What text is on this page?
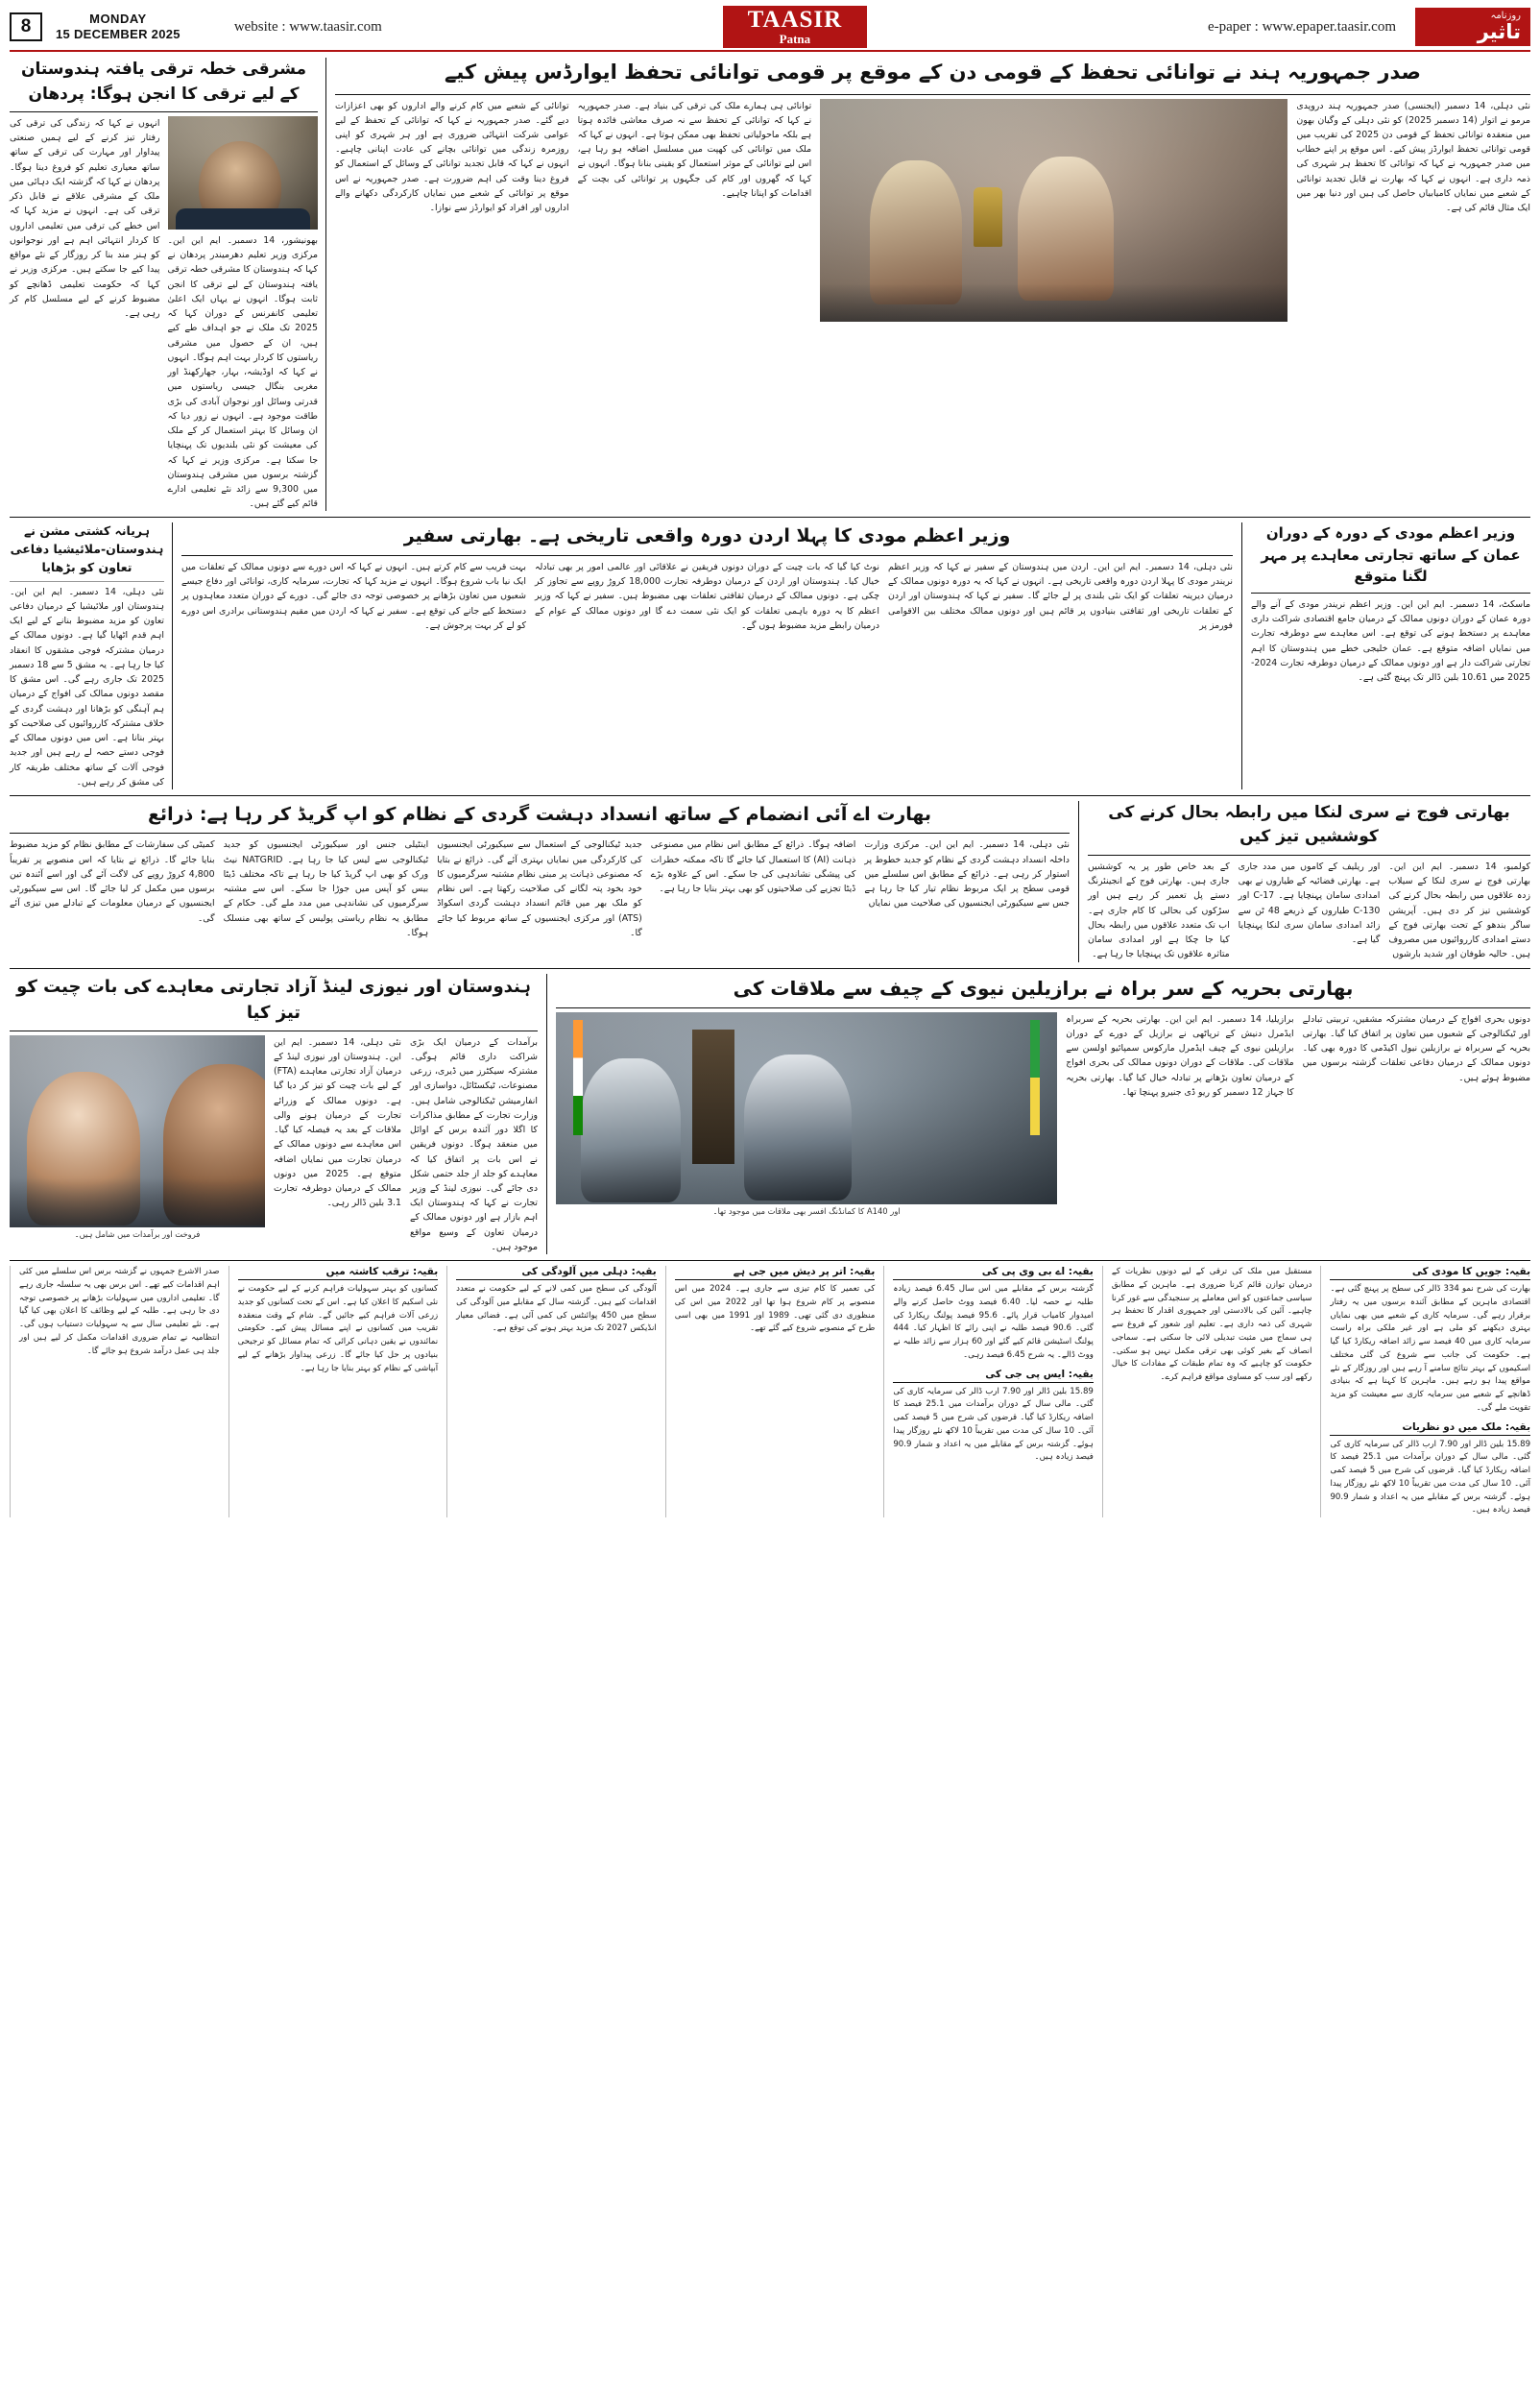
8	MONDAY
15 DECEMBER 2025	website : www.taasir.com	TAASIR
Patna
e-paper : www.epaper.taasir.com
روزنامہ
تاثیر
مشرقی خطہ ترقی یافتہ ہندوستان کے لیے ترقی کا انجن ہوگا: پردھان
انہوں نے کہا کہ زندگی کی ترقی کی رفتار تیز کرنے کے لیے ہمیں صنعتی پیداوار اور مہارت کی ترقی کے ساتھ ساتھ معیاری تعلیم کو فروغ دینا ہوگا۔ پردھان نے کہا کہ گزشتہ ایک دہائی میں ملک کے مشرقی علاقے نے قابل ذکر ترقی کی ہے۔ انہوں نے مزید کہا کہ اس خطے کی ترقی میں تعلیمی اداروں کا کردار انتہائی اہم ہے اور نوجوانوں کو ہنر مند بنا کر روزگار کے نئے مواقع پیدا کیے جا سکتے ہیں۔ مرکزی وزیر نے کہا کہ حکومت تعلیمی ڈھانچے کو مضبوط کرنے کے لیے مسلسل کام کر رہی ہے۔
بھونیشور، 14 دسمبر۔ ایم این این۔ مرکزی وزیر تعلیم دھرمیندر پردھان نے کہا کہ ہندوستان کا مشرقی خطہ ترقی یافتہ ہندوستان کے لیے ترقی کا انجن ثابت ہوگا۔ انہوں نے یہاں ایک اعلیٰ تعلیمی کانفرنس کے دوران کہا کہ 2025 تک ملک نے جو اہداف طے کیے ہیں، ان کے حصول میں مشرقی ریاستوں کا کردار بہت اہم ہوگا۔ انہوں نے کہا کہ اوڈیشہ، بہار، جھارکھنڈ اور مغربی بنگال جیسی ریاستوں میں قدرتی وسائل اور نوجوان آبادی کی بڑی طاقت موجود ہے۔ انہوں نے زور دیا کہ ان وسائل کا بہتر استعمال کر کے ملک کی معیشت کو نئی بلندیوں تک پہنچایا جا سکتا ہے۔ مرکزی وزیر نے کہا کہ گزشتہ برسوں میں مشرقی ہندوستان میں 9,300 سے زائد نئے تعلیمی ادارے قائم کیے گئے ہیں۔
صدر جمہوریہ ہند نے توانائی تحفظ کے قومی دن کے موقع پر قومی توانائی تحفظ ایوارڈس پیش کیے
توانائی کے شعبے میں کام کرنے والے اداروں کو بھی اعزازات دیے گئے۔ صدر جمہوریہ نے کہا کہ توانائی کے تحفظ کے لیے عوامی شرکت انتہائی ضروری ہے اور ہر شہری کو اپنی روزمرہ زندگی میں توانائی بچانے کی عادت اپنانی چاہیے۔ انہوں نے کہا کہ قابل تجدید توانائی کے وسائل کے استعمال کو فروغ دینا وقت کی اہم ضرورت ہے۔ صدر جمہوریہ نے اس موقع پر توانائی کے شعبے میں نمایاں کارکردگی دکھانے والے اداروں اور افراد کو ایوارڈز سے نوازا۔
توانائی ہی ہمارے ملک کی ترقی کی بنیاد ہے۔ صدر جمہوریہ نے کہا کہ توانائی کے تحفظ سے نہ صرف معاشی فائدہ ہوتا ہے بلکہ ماحولیاتی تحفظ بھی ممکن ہوتا ہے۔ انہوں نے کہا کہ ملک میں توانائی کی کھپت میں مسلسل اضافہ ہو رہا ہے، اس لیے توانائی کے موثر استعمال کو یقینی بنانا ہوگا۔ انہوں نے کہا کہ گھروں اور کام کی جگہوں پر توانائی کی بچت کے اقدامات کو اپنانا چاہیے۔
نئی دہلی، 14 دسمبر (ایجنسی) صدر جمہوریہ ہند دروپدی مرمو نے اتوار (14 دسمبر 2025) کو نئی دہلی کے وگیان بھون میں منعقدہ توانائی تحفظ کے قومی دن 2025 کی تقریب میں قومی توانائی تحفظ ایوارڈز پیش کیے۔ اس موقع پر اپنے خطاب میں صدر جمہوریہ نے کہا کہ توانائی کا تحفظ ہر شہری کی ذمہ داری ہے۔ انہوں نے کہا کہ بھارت نے قابل تجدید توانائی کے شعبے میں نمایاں کامیابیاں حاصل کی ہیں اور دنیا بھر میں ایک مثال قائم کی ہے۔
ہریانہ کشتی مشن نے ہندوستان-ملائیشیا دفاعی تعاون کو بڑھایا
نئی دہلی، 14 دسمبر۔ ایم این این۔ ہندوستان اور ملائیشیا کے درمیان دفاعی تعاون کو مزید مضبوط بنانے کے لیے ایک اہم قدم اٹھایا گیا ہے۔ دونوں ممالک کے درمیان مشترکہ فوجی مشقوں کا انعقاد کیا جا رہا ہے۔ یہ مشق 5 سے 18 دسمبر 2025 تک جاری رہے گی۔ اس مشق کا مقصد دونوں ممالک کی افواج کے درمیان ہم آہنگی کو بڑھانا اور دہشت گردی کے خلاف مشترکہ کارروائیوں کی صلاحیت کو بہتر بنانا ہے۔ اس میں دونوں ممالک کے فوجی دستے حصہ لے رہے ہیں اور جدید فوجی آلات کے ساتھ مختلف طریقہ کار کی مشق کر رہے ہیں۔
وزیر اعظم مودی کا پہلا اردن دورہ واقعی تاریخی ہے۔ بھارتی سفیر
بہت قریب سے کام کرتے ہیں۔ انہوں نے کہا کہ اس دورے سے دونوں ممالک کے تعلقات میں ایک نیا باب شروع ہوگا۔ انہوں نے مزید کہا کہ تجارت، سرمایہ کاری، توانائی اور دفاع جیسے شعبوں میں تعاون بڑھانے پر خصوصی توجہ دی جائے گی۔ دورے کے دوران متعدد معاہدوں پر دستخط کیے جانے کی توقع ہے۔ سفیر نے کہا کہ اردن میں مقیم ہندوستانی برادری اس دورے کو لے کر بہت پرجوش ہے۔
نوٹ کیا گیا کہ بات چیت کے دوران دونوں فریقین نے علاقائی اور عالمی امور پر بھی تبادلہ خیال کیا۔ ہندوستان اور اردن کے درمیان دوطرفہ تجارت 18,000 کروڑ روپے سے تجاوز کر چکی ہے۔ دونوں ممالک کے درمیان ثقافتی تعلقات بھی مضبوط ہیں۔ سفیر نے کہا کہ وزیر اعظم کا یہ دورہ باہمی تعلقات کو ایک نئی سمت دے گا اور دونوں ممالک کے عوام کے درمیان رابطے مزید مضبوط ہوں گے۔
نئی دہلی، 14 دسمبر۔ ایم این این۔ اردن میں ہندوستان کے سفیر نے کہا کہ وزیر اعظم نریندر مودی کا پہلا اردن دورہ واقعی تاریخی ہے۔ انہوں نے کہا کہ یہ دورہ دونوں ممالک کے درمیان دیرینہ تعلقات کو ایک نئی بلندی پر لے جائے گا۔ سفیر نے کہا کہ ہندوستان اور اردن کے تعلقات تاریخی اور ثقافتی بنیادوں پر قائم ہیں اور دونوں ممالک مختلف بین الاقوامی فورمز پر
وزیر اعظم مودی کے دورہ کے دوران عمان کے ساتھ تجارتی معاہدے پر مہر لگنا متوقع
ماسکٹ، 14 دسمبر۔ ایم این این۔ وزیر اعظم نریندر مودی کے آنے والے دورہ عمان کے دوران دونوں ممالک کے درمیان جامع اقتصادی شراکت داری معاہدے پر دستخط ہونے کی توقع ہے۔ اس معاہدے سے دوطرفہ تجارت میں نمایاں اضافہ متوقع ہے۔ عمان خلیجی خطے میں ہندوستان کا اہم تجارتی شراکت دار ہے اور دونوں ممالک کے درمیان دوطرفہ تجارت 2024-2025 میں 10.61 بلین ڈالر تک پہنچ گئی ہے۔
بھارت اے آئی انضمام کے ساتھ انسداد دہشت گردی کے نظام کو اپ گریڈ کر رہا ہے: ذرائع
کمیٹی کی سفارشات کے مطابق نظام کو مزید مضبوط بنایا جائے گا۔ ذرائع نے بتایا کہ اس منصوبے پر تقریباً 4,800 کروڑ روپے کی لاگت آئے گی اور اسے آئندہ تین برسوں میں مکمل کر لیا جائے گا۔ اس سے سیکیورٹی ایجنسیوں کے درمیان معلومات کے تبادلے میں تیزی آئے گی۔
اینٹیلی جنس اور سیکیورٹی ایجنسیوں کو جدید ٹیکنالوجی سے لیس کیا جا رہا ہے۔ NATGRID نیٹ ورک کو بھی اپ گریڈ کیا جا رہا ہے تاکہ مختلف ڈیٹا بیس کو آپس میں جوڑا جا سکے۔ اس سے مشتبہ سرگرمیوں کی نشاندہی میں مدد ملے گی۔ حکام کے مطابق یہ نظام ریاستی پولیس کے ساتھ بھی منسلک ہوگا۔
جدید ٹیکنالوجی کے استعمال سے سیکیورٹی ایجنسیوں کی کارکردگی میں نمایاں بہتری آئے گی۔ ذرائع نے بتایا کہ مصنوعی ذہانت پر مبنی نظام مشتبہ سرگرمیوں کا خود بخود پتہ لگانے کی صلاحیت رکھتا ہے۔ اس نظام کو ملک بھر میں قائم انسداد دہشت گردی اسکواڈ (ATS) اور مرکزی ایجنسیوں کے ساتھ مربوط کیا جائے گا۔
اضافہ ہوگا۔ ذرائع کے مطابق اس نظام میں مصنوعی ذہانت (AI) کا استعمال کیا جائے گا تاکہ ممکنہ خطرات کی پیشگی نشاندہی کی جا سکے۔ اس کے علاوہ بڑے ڈیٹا تجزیے کی صلاحیتوں کو بھی بہتر بنایا جا رہا ہے۔
نئی دہلی، 14 دسمبر۔ ایم این این۔ مرکزی وزارت داخلہ انسداد دہشت گردی کے نظام کو جدید خطوط پر استوار کر رہی ہے۔ ذرائع کے مطابق اس سلسلے میں قومی سطح پر ایک مربوط نظام تیار کیا جا رہا ہے جس سے سیکیورٹی ایجنسیوں کی صلاحیت میں نمایاں
بھارتی فوج نے سری لنکا میں رابطہ بحال کرنے کی کوششیں تیز کیں
کے بعد خاص طور پر یہ کوششیں جاری ہیں۔ بھارتی فوج کے انجینئرنگ دستے پل تعمیر کر رہے ہیں اور سڑکوں کی بحالی کا کام جاری ہے۔ اب تک متعدد علاقوں میں رابطہ بحال کیا جا چکا ہے اور امدادی سامان متاثرہ علاقوں تک پہنچایا جا رہا ہے۔
اور ریلیف کے کاموں میں مدد جاری ہے۔ بھارتی فضائیہ کے طیاروں نے بھی امدادی سامان پہنچایا ہے۔ C-17 اور C-130 طیاروں کے ذریعے 48 ٹن سے زائد امدادی سامان سری لنکا پہنچایا گیا ہے۔
کولمبو، 14 دسمبر۔ ایم این این۔ بھارتی فوج نے سری لنکا کے سیلاب زدہ علاقوں میں رابطہ بحال کرنے کی کوششیں تیز کر دی ہیں۔ آپریشن ساگر بندھو کے تحت بھارتی فوج کے دستے امدادی کارروائیوں میں مصروف ہیں۔ حالیہ طوفان اور شدید بارشوں
ہندوستان اور نیوزی لینڈ آزاد تجارتی معاہدے کی بات چیت کو تیز کیا
فروخت اور برآمدات میں شامل ہیں۔
نئی دہلی، 14 دسمبر۔ ایم این این۔ ہندوستان اور نیوزی لینڈ کے درمیان آزاد تجارتی معاہدے (FTA) کے لیے بات چیت کو تیز کر دیا گیا ہے۔ دونوں ممالک کے وزرائے تجارت کے درمیان ہونے والی ملاقات کے بعد یہ فیصلہ کیا گیا۔ اس معاہدے سے دونوں ممالک کے درمیان تجارت میں نمایاں اضافہ متوقع ہے۔ 2025 میں دونوں ممالک کے درمیان دوطرفہ تجارت 3.1 بلین ڈالر رہی۔
برآمدات کے درمیان ایک بڑی شراکت داری قائم ہوگی۔ مشترکہ سیکٹرز میں ڈیری، زرعی مصنوعات، ٹیکسٹائل، دواسازی اور انفارمیشن ٹیکنالوجی شامل ہیں۔ وزارت تجارت کے مطابق مذاکرات کا اگلا دور آئندہ برس کے اوائل میں منعقد ہوگا۔ دونوں فریقین نے اس بات پر اتفاق کیا کہ معاہدے کو جلد از جلد حتمی شکل دی جائے گی۔ نیوزی لینڈ کے وزیر تجارت نے کہا کہ ہندوستان ایک اہم بازار ہے اور دونوں ممالک کے درمیان تعاون کے وسیع مواقع موجود ہیں۔
بھارتی بحریہ کے سر براہ نے برازیلین نیوی کے چیف سے ملاقات کی
اور A140 کا کمانڈنگ افسر بھی ملاقات میں موجود تھا۔
برازیلیا، 14 دسمبر۔ ایم این این۔ بھارتی بحریہ کے سربراہ ایڈمرل دنیش کے ترپاٹھی نے برازیل کے دورے کے دوران برازیلین نیوی کے چیف ایڈمرل مارکوس سمپائیو اولسن سے ملاقات کی۔ ملاقات کے دوران دونوں ممالک کی بحری افواج کے درمیان تعاون بڑھانے پر تبادلہ خیال کیا گیا۔ بھارتی بحریہ کا جہاز 12 دسمبر کو ریو ڈی جنیرو پہنچا تھا۔
دونوں بحری افواج کے درمیان مشترکہ مشقیں، تربیتی تبادلے اور ٹیکنالوجی کے شعبوں میں تعاون پر اتفاق کیا گیا۔ بھارتی بحریہ کے سربراہ نے برازیلین نیول اکیڈمی کا دورہ بھی کیا۔ دونوں ممالک کے درمیان دفاعی تعلقات گزشتہ برسوں میں مضبوط ہوئے ہیں۔
صدر الاشرع جمہوں نے گزشتہ برس اس سلسلے میں کئی اہم اقدامات کیے تھے۔ اس برس بھی یہ سلسلہ جاری رہے گا۔ تعلیمی اداروں میں سہولیات بڑھانے پر خصوصی توجہ دی جا رہی ہے۔ طلبہ کے لیے وظائف کا اعلان بھی کیا گیا ہے۔ نئے تعلیمی سال سے یہ سہولیات دستیاب ہوں گی۔ انتظامیہ نے تمام ضروری اقدامات مکمل کر لیے ہیں اور جلد ہی عمل درآمد شروع ہو جائے گا۔
بقیہ: ترقب کاشتہ میں
کسانوں کو بہتر سہولیات فراہم کرنے کے لیے حکومت نے نئی اسکیم کا اعلان کیا ہے۔ اس کے تحت کسانوں کو جدید زرعی آلات فراہم کیے جائیں گے۔ شام کے وقت منعقدہ تقریب میں کسانوں نے اپنے مسائل پیش کیے۔ حکومتی نمائندوں نے یقین دہانی کرائی کہ تمام مسائل کو ترجیحی بنیادوں پر حل کیا جائے گا۔ زرعی پیداوار بڑھانے کے لیے آبپاشی کے نظام کو بہتر بنایا جا رہا ہے۔
بقیہ: دہلی میں آلودگی کی
آلودگی کی سطح میں کمی لانے کے لیے حکومت نے متعدد اقدامات کیے ہیں۔ گزشتہ سال کے مقابلے میں آلودگی کی سطح میں 450 پوائنٹس کی کمی آئی ہے۔ فضائی معیار انڈیکس 2027 تک مزید بہتر ہونے کی توقع ہے۔
بقیہ: اتر پر دیش میں جی ہے
کی تعمیر کا کام تیزی سے جاری ہے۔ 2024 میں اس منصوبے پر کام شروع ہوا تھا اور 2022 میں اس کی منظوری دی گئی تھی۔ 1989 اور 1991 میں بھی اسی طرح کے منصوبے شروع کیے گئے تھے۔
بقیہ: اے بی وی پی کی
گزشتہ برس کے مقابلے میں اس سال 6.45 فیصد زیادہ طلبہ نے حصہ لیا۔ 6.40 فیصد ووٹ حاصل کرنے والے امیدوار کامیاب قرار پائے۔ 95.6 فیصد پولنگ ریکارڈ کی گئی۔ 90.6 فیصد طلبہ نے اپنی رائے کا اظہار کیا۔ 444 پولنگ اسٹیشن قائم کیے گئے اور 60 ہزار سے زائد طلبہ نے ووٹ ڈالے۔ یہ شرح 6.45 فیصد رہی۔
بقیہ: ایس پی جی کی
15.89 بلین ڈالر اور 7.90 ارب ڈالر کی سرمایہ کاری کی گئی۔ مالی سال کے دوران برآمدات میں 25.1 فیصد کا اضافہ ریکارڈ کیا گیا۔ قرضوں کی شرح میں 5 فیصد کمی آئی۔ 10 سال کی مدت میں تقریباً 10 لاکھ نئے روزگار پیدا ہوئے۔ گزشتہ برس کے مقابلے میں یہ اعداد و شمار 90.9 فیصد زیادہ ہیں۔
مستقبل میں ملک کی ترقی کے لیے دونوں نظریات کے درمیان توازن قائم کرنا ضروری ہے۔ ماہرین کے مطابق سیاسی جماعتوں کو اس معاملے پر سنجیدگی سے غور کرنا چاہیے۔ آئین کی بالادستی اور جمہوری اقدار کا تحفظ ہر شہری کی ذمہ داری ہے۔ تعلیم اور شعور کے فروغ سے ہی سماج میں مثبت تبدیلی لائی جا سکتی ہے۔ سماجی انصاف کے بغیر کوئی بھی ترقی مکمل نہیں ہو سکتی۔ حکومت کو چاہیے کہ وہ تمام طبقات کے مفادات کا خیال رکھے اور سب کو مساوی مواقع فراہم کرے۔
بقیہ: جویں کا مودی کی
بھارت کی شرح نمو 334 ڈالر کی سطح پر پہنچ گئی ہے۔ اقتصادی ماہرین کے مطابق آئندہ برسوں میں یہ رفتار برقرار رہے گی۔ سرمایہ کاری کے شعبے میں بھی نمایاں بہتری دیکھنے کو ملی ہے اور غیر ملکی براہ راست سرمایہ کاری میں 40 فیصد سے زائد اضافہ ریکارڈ کیا گیا ہے۔ حکومت کی جانب سے شروع کی گئی مختلف اسکیموں کے بہتر نتائج سامنے آ رہے ہیں اور روزگار کے نئے مواقع پیدا ہو رہے ہیں۔ ماہرین کا کہنا ہے کہ بنیادی ڈھانچے کے شعبے میں سرمایہ کاری سے معیشت کو مزید تقویت ملے گی۔
بقیہ: ملک میں دو نظریات
15.89 بلین ڈالر اور 7.90 ارب ڈالر کی سرمایہ کاری کی گئی۔ مالی سال کے دوران برآمدات میں 25.1 فیصد کا اضافہ ریکارڈ کیا گیا۔ قرضوں کی شرح میں 5 فیصد کمی آئی۔ 10 سال کی مدت میں تقریباً 10 لاکھ نئے روزگار پیدا ہوئے۔ گزشتہ برس کے مقابلے میں یہ اعداد و شمار 90.9 فیصد زیادہ ہیں۔
